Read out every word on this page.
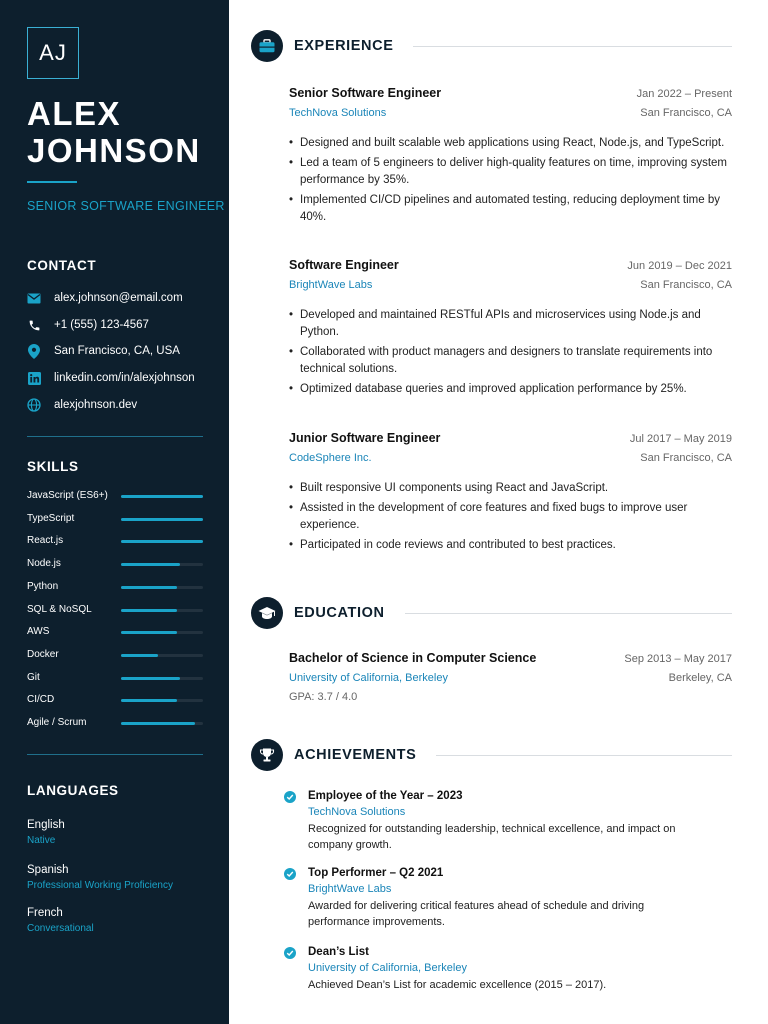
AJ
ALEX
JOHNSON
SENIOR SOFTWARE ENGINEER
CONTACT
alex.johnson@email.com
+1 (555) 123-4567
San Francisco, CA, USA
linkedin.com/in/alexjohnson
alexjohnson.dev
SKILLS
JavaScript (ES6+)
TypeScript
React.js
Node.js
Python
SQL & NoSQL
AWS
Docker
Git
CI/CD
Agile / Scrum
LANGUAGES
English
Native
Spanish
Professional Working Proficiency
French
Conversational
EXPERIENCE
Senior Software Engineer	Jan 2022 – Present
TechNova Solutions	San Francisco, CA
• Designed and built scalable web applications using React, Node.js, and TypeScript.
• Led a team of 5 engineers to deliver high-quality features on time, improving system performance by 35%.
• Implemented CI/CD pipelines and automated testing, reducing deployment time by 40%.
Software Engineer	Jun 2019 – Dec 2021
BrightWave Labs	San Francisco, CA
• Developed and maintained RESTful APIs and microservices using Node.js and Python.
• Collaborated with product managers and designers to translate requirements into technical solutions.
• Optimized database queries and improved application performance by 25%.
Junior Software Engineer	Jul 2017 – May 2019
CodeSphere Inc.	San Francisco, CA
• Built responsive UI components using React and JavaScript.
• Assisted in the development of core features and fixed bugs to improve user experience.
• Participated in code reviews and contributed to best practices.
EDUCATION
Bachelor of Science in Computer Science	Sep 2013 – May 2017
University of California, Berkeley	Berkeley, CA
GPA: 3.7 / 4.0
ACHIEVEMENTS
Employee of the Year – 2023
TechNova Solutions
Recognized for outstanding leadership, technical excellence, and impact on company growth.
Top Performer – Q2 2021
BrightWave Labs
Awarded for delivering critical features ahead of schedule and driving performance improvements.
Dean’s List
University of California, Berkeley
Achieved Dean’s List for academic excellence (2015 – 2017).
